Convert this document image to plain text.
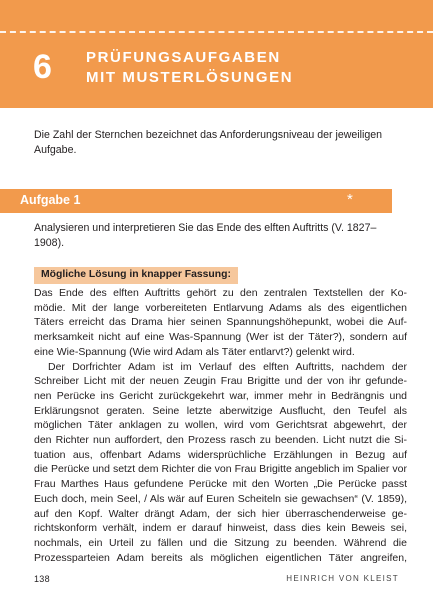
6 PRÜFUNGSAUFGABEN
MIT MUSTERLÖSUNGEN
Die Zahl der Sternchen bezeichnet das Anforderungsniveau der jeweiligen Aufgabe.
Aufgabe 1	*
Analysieren und interpretieren Sie das Ende des elften Auftritts (V. 1827–1908).
Mögliche Lösung in knapper Fassung:
Das Ende des elften Auftritts gehört zu den zentralen Textstellen der Ko-
mödie. Mit der lange vorbereiteten Entlarvung Adams als des eigentlichen
Täters erreicht das Drama hier seinen Spannungshöhepunkt, wobei die Auf-
merksamkeit nicht auf eine Was-Spannung (Wer ist der Täter?), sondern auf
eine Wie-Spannung (Wie wird Adam als Täter entlarvt?) gelenkt wird.
Der Dorfrichter Adam ist im Verlauf des elften Auftritts, nachdem der
Schreiber Licht mit der neuen Zeugin Frau Brigitte und der von ihr gefunde-
nen Perücke ins Gericht zurückgekehrt war, immer mehr in Bedrängnis und
Erklärungsnot geraten. Seine letzte aberwitzige Ausflucht, den Teufel als
möglichen Täter anklagen zu wollen, wird vom Gerichtsrat abgewehrt, der
den Richter nun auffordert, den Prozess rasch zu beenden. Licht nutzt die Si-
tuation aus, offenbart Adams widersprüchliche Erzählungen in Bezug auf
die Perücke und setzt dem Richter die von Frau Brigitte angeblich im Spalier vor
Frau Marthes Haus gefundene Perücke mit den Worten „Die Perücke passt
Euch doch, mein Seel, / Als wär auf Euren Scheiteln sie gewachsen“ (V. 1859),
auf den Kopf. Walter drängt Adam, der sich hier überraschenderweise ge-
richtskonform verhält, indem er darauf hinweist, dass dies kein Beweis sei,
nochmals, ein Urteil zu fällen und die Sitzung zu beenden. Während die
Prozessparteien Adam bereits als möglichen eigentlichen Täter angreifen,
138	HEINRICH VON KLEIST
